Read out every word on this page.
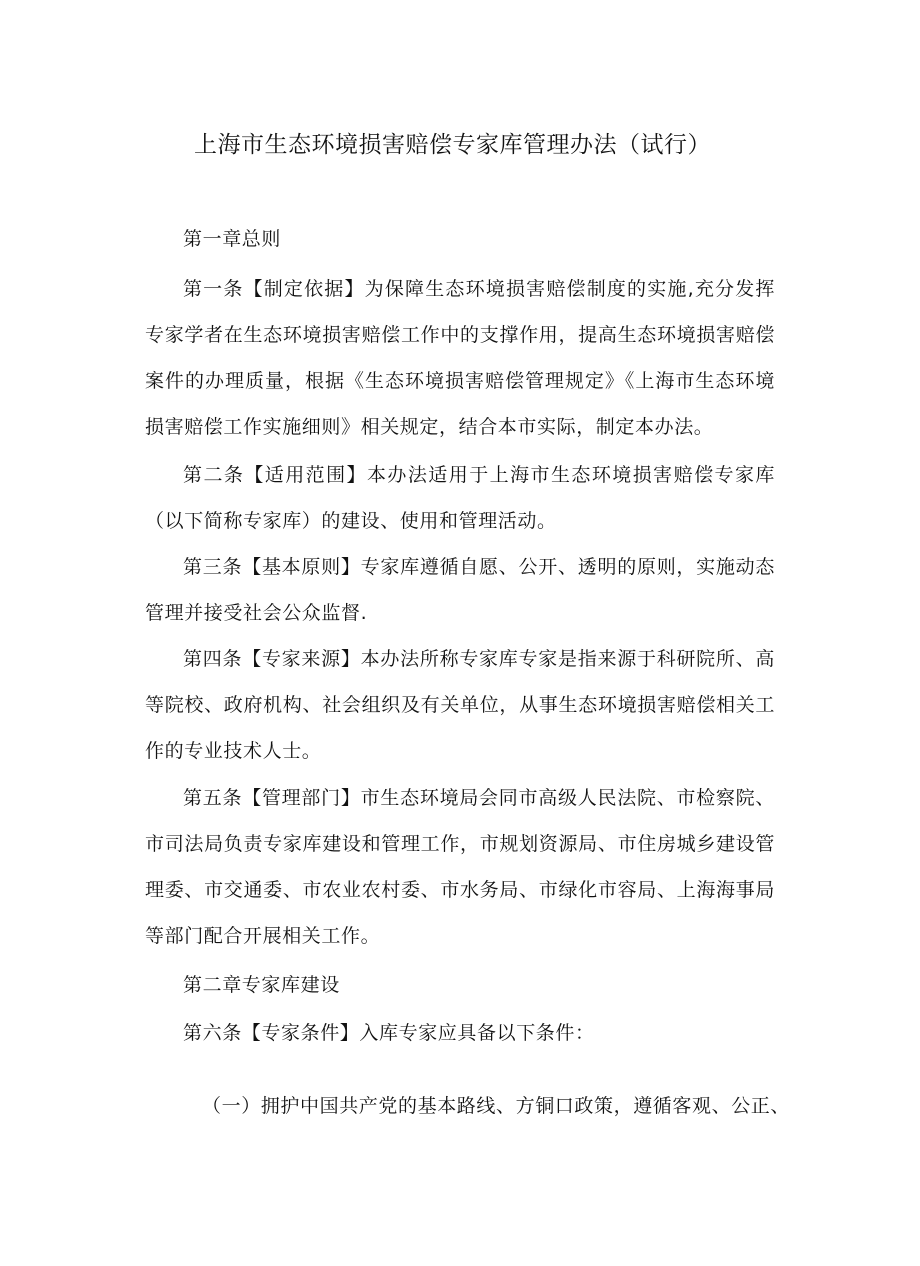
上海市生态环境损害赔偿专家库管理办法（试行）
第一章总则

第一条【制定依据】为保障生态环境损害赔偿制度的实施,充分发挥专家学者在生态环境损害赔偿工作中的支撑作用，提高生态环境损害赔偿案件的办理质量，根据《生态环境损害赔偿管理规定》《上海市生态环境损害赔偿工作实施细则》相关规定，结合本市实际，制定本办法。

第二条【适用范围】本办法适用于上海市生态环境损害赔偿专家库（以下简称专家库）的建设、使用和管理活动。

第三条【基本原则】专家库遵循自愿、公开、透明的原则，实施动态管理并接受社会公众监督.

第四条【专家来源】本办法所称专家库专家是指来源于科研院所、高等院校、政府机构、社会组织及有关单位，从事生态环境损害赔偿相关工作的专业技术人士。

第五条【管理部门】市生态环境局会同市高级人民法院、市检察院、市司法局负责专家库建设和管理工作，市规划资源局、市住房城乡建设管理委、市交通委、市农业农村委、市水务局、市绿化市容局、上海海事局等部门配合开展相关工作。

第二章专家库建设
第六条【专家条件】入库专家应具备以下条件：
（一）拥护中国共产党的基本路线、方铜口政策，遵循客观、公正、
